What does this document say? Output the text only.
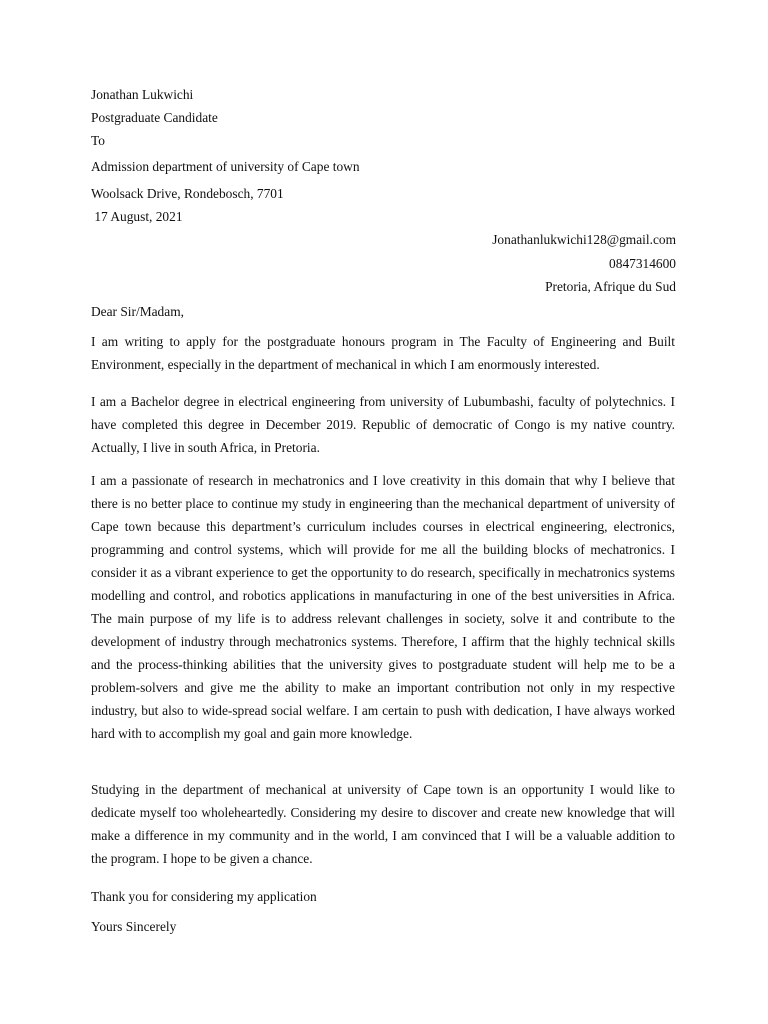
Jonathan Lukwichi
Postgraduate Candidate
To
Admission department of university of Cape town
Woolsack Drive, Rondebosch, 7701
17 August, 2021
Jonathanlukwichi128@gmail.com
0847314600
Pretoria, Afrique du Sud
Dear Sir/Madam,
I am writing to apply for the postgraduate honours program in The Faculty of Engineering and Built Environment, especially in the department of mechanical in which I am enormously interested.
I am a Bachelor degree in electrical engineering from university of Lubumbashi, faculty of polytechnics. I have completed this degree in December 2019. Republic of democratic of Congo is my native country. Actually, I live in south Africa, in Pretoria.
I am a passionate of research in mechatronics and I love creativity in this domain that why I believe that there is no better place to continue my study in engineering than the mechanical department of university of Cape town because this department’s curriculum includes courses in electrical engineering, electronics, programming and control systems, which will provide for me all the building blocks of mechatronics. I consider it as a vibrant experience to get the opportunity to do research, specifically in mechatronics systems modelling and control, and robotics applications in manufacturing in one of the best universities in Africa. The main purpose of my life is to address relevant challenges in society, solve it and contribute to the development of industry through mechatronics systems. Therefore, I affirm that the highly technical skills and the process-thinking abilities that the university gives to postgraduate student will help me to be a problem-solvers and give me the ability to make an important contribution not only in my respective industry, but also to wide-spread social welfare. I am certain to push with dedication, I have always worked hard with to accomplish my goal and gain more knowledge.
Studying in the department of mechanical at university of Cape town is an opportunity I would like to dedicate myself too wholeheartedly. Considering my desire to discover and create new knowledge that will make a difference in my community and in the world, I am convinced that I will be a valuable addition to the program. I hope to be given a chance.
Thank you for considering my application
Yours Sincerely
